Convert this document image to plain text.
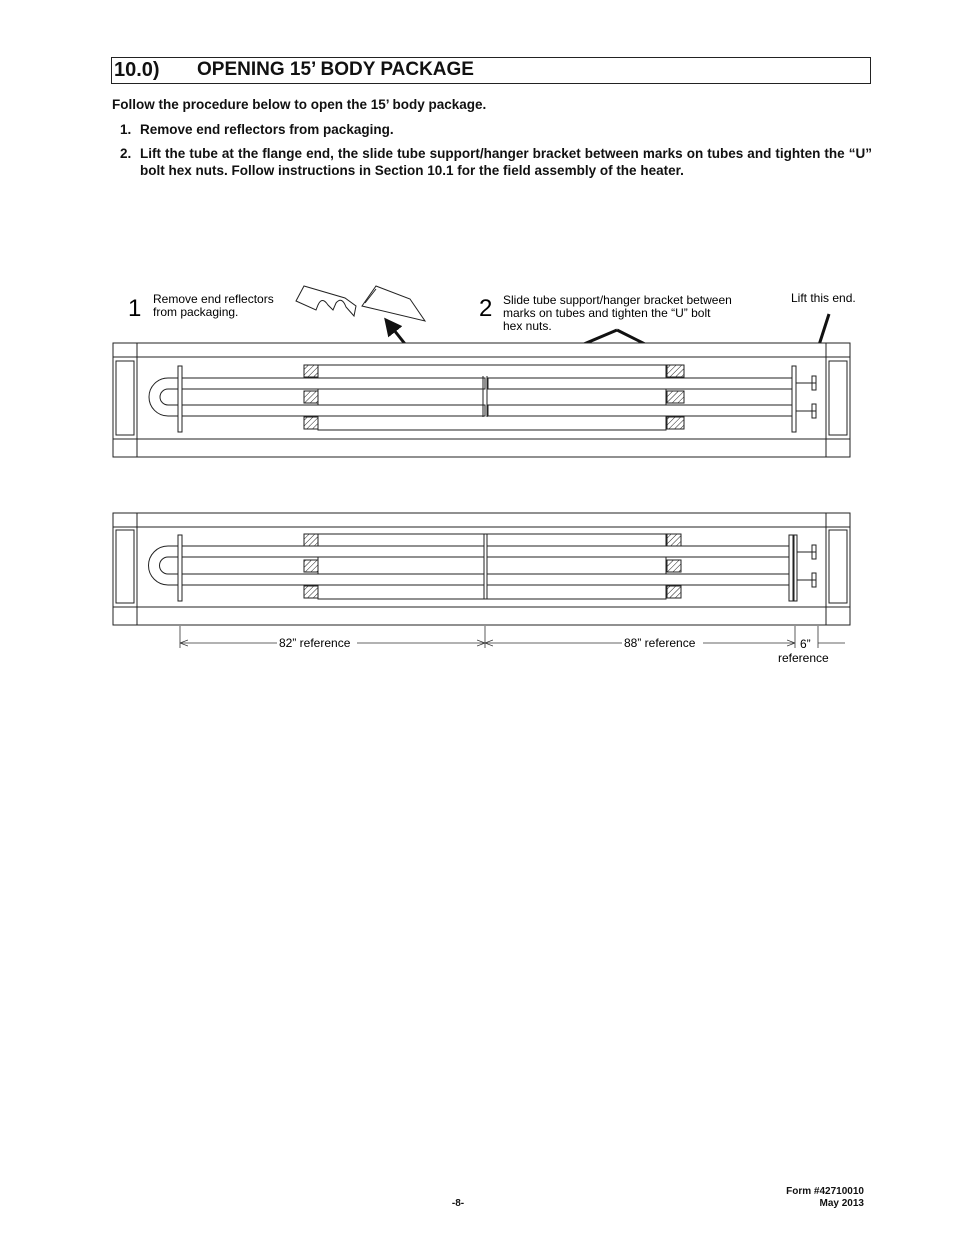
10.0) OPENING 15’ BODY PACKAGE
Follow the procedure below to open the 15’ body package.
1. Remove end reflectors from packaging.
2. Lift the tube at the flange end, the slide tube support/hanger bracket between marks on tubes and tighten the “U” bolt hex nuts. Follow instructions in Section 10.1 for the field assembly of the heater.
1 Remove end reflectors
from packaging.	2 Slide tube support/hanger bracket between
marks on tubes and tighten the “U” bolt
hex nuts.
Lift this end.
82” reference	88” reference	6”
reference
-8-
Form #42710010
May 2013
